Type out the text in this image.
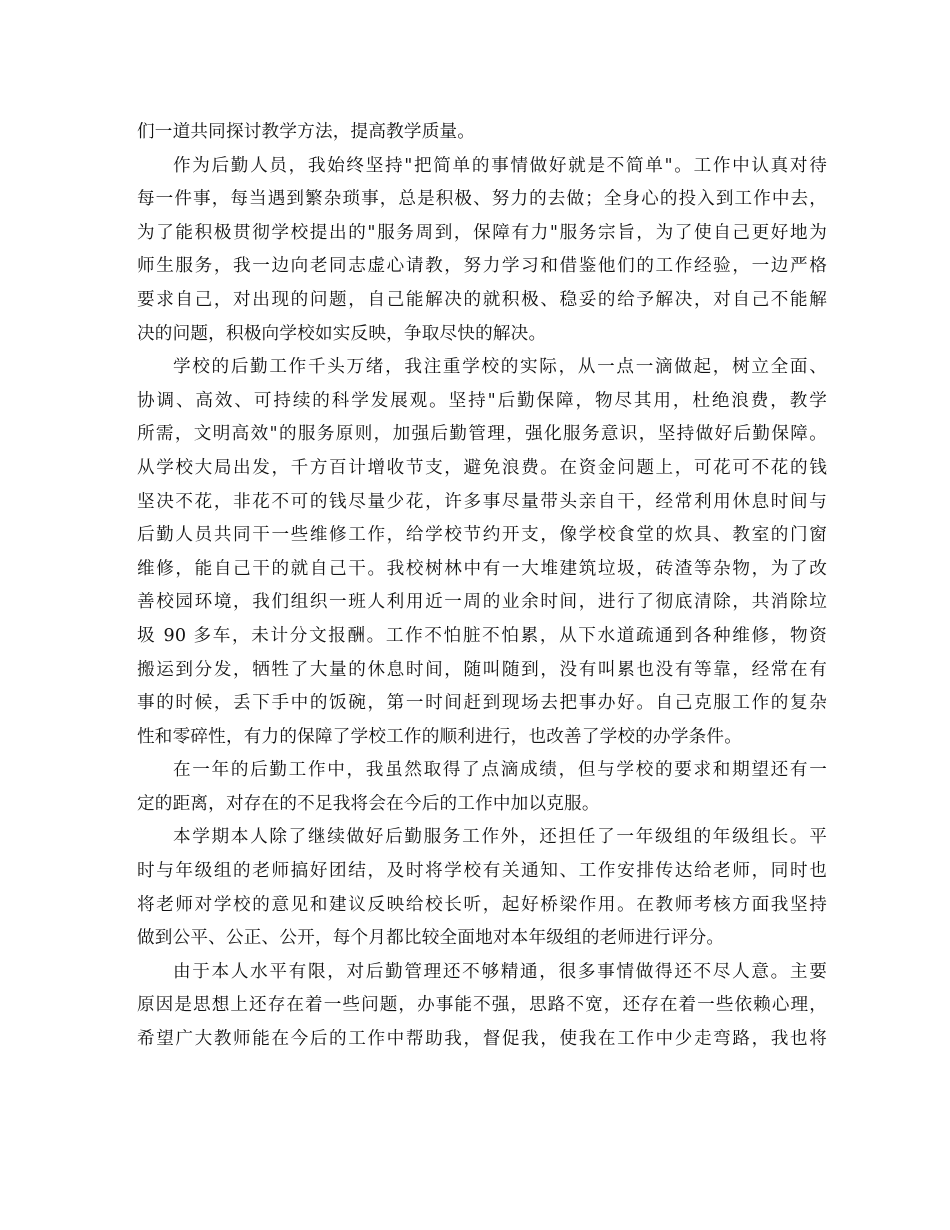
们一道共同探讨教学方法，提高教学质量。
作为后勤人员，我始终坚持"把简单的事情做好就是不简单"。工作中认真对待
每一件事，每当遇到繁杂琐事，总是积极、努力的去做；全身心的投入到工作中去，
为了能积极贯彻学校提出的"服务周到，保障有力"服务宗旨，为了使自己更好地为
师生服务，我一边向老同志虚心请教，努力学习和借鉴他们的工作经验，一边严格
要求自己，对出现的问题，自己能解决的就积极、稳妥的给予解决，对自己不能解
决的问题，积极向学校如实反映，争取尽快的解决。
学校的后勤工作千头万绪，我注重学校的实际，从一点一滴做起，树立全面、
协调、高效、可持续的科学发展观。坚持"后勤保障，物尽其用，杜绝浪费，教学
所需，文明高效"的服务原则，加强后勤管理，强化服务意识，坚持做好后勤保障。
从学校大局出发，千方百计增收节支，避免浪费。在资金问题上，可花可不花的钱
坚决不花，非花不可的钱尽量少花，许多事尽量带头亲自干，经常利用休息时间与
后勤人员共同干一些维修工作，给学校节约开支，像学校食堂的炊具、教室的门窗
维修，能自己干的就自己干。我校树林中有一大堆建筑垃圾，砖渣等杂物，为了改
善校园环境，我们组织一班人利用近一周的业余时间，进行了彻底清除，共消除垃
圾 90 多车，未计分文报酬。工作不怕脏不怕累，从下水道疏通到各种维修，物资
搬运到分发，牺牲了大量的休息时间，随叫随到，没有叫累也没有等靠，经常在有
事的时候，丢下手中的饭碗，第一时间赶到现场去把事办好。自己克服工作的复杂
性和零碎性，有力的保障了学校工作的顺利进行，也改善了学校的办学条件。
在一年的后勤工作中，我虽然取得了点滴成绩，但与学校的要求和期望还有一
定的距离，对存在的不足我将会在今后的工作中加以克服。
本学期本人除了继续做好后勤服务工作外，还担任了一年级组的年级组长。平
时与年级组的老师搞好团结，及时将学校有关通知、工作安排传达给老师，同时也
将老师对学校的意见和建议反映给校长听，起好桥梁作用。在教师考核方面我坚持
做到公平、公正、公开，每个月都比较全面地对本年级组的老师进行评分。
由于本人水平有限，对后勤管理还不够精通，很多事情做得还不尽人意。主要
原因是思想上还存在着一些问题，办事能不强，思路不宽，还存在着一些依赖心理，
希望广大教师能在今后的工作中帮助我，督促我，使我在工作中少走弯路，我也将
